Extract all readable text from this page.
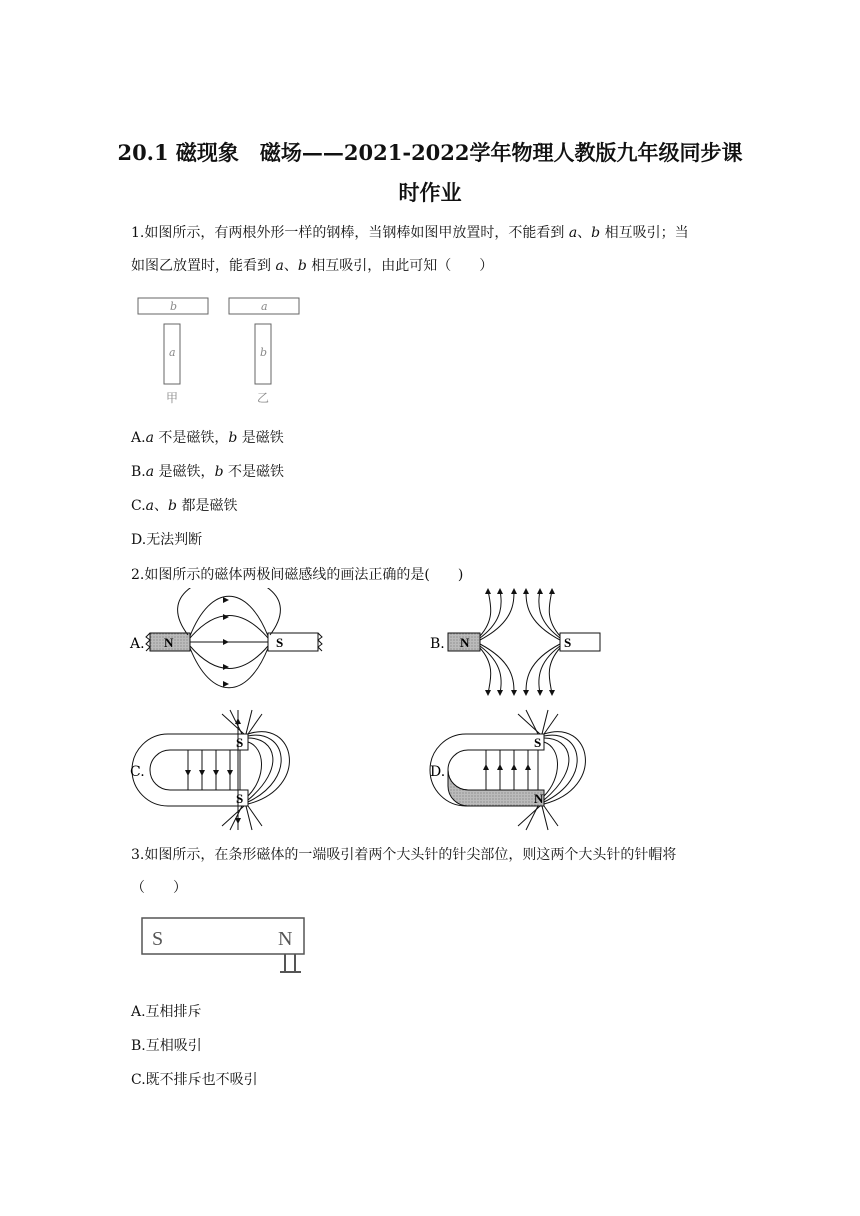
20.1 磁现象　磁场——2021-2022学年物理人教版九年级同步课
时作业
1.如图所示，有两根外形一样的钢棒，当钢棒如图甲放置时，不能看到 a、b 相互吸引；当
如图乙放置时，能看到 a、b 相互吸引，由此可知（　　）
b
a
a
b
甲	乙
A.a 不是磁铁，b 是磁铁
B.a 是磁铁，b 不是磁铁
C.a、b 都是磁铁
D.无法判断
2.如图所示的磁体两极间磁感线的画法正确的是(　　)
A. N	S	B. N	S
C.
S
S
D.
S
N
3.如图所示，在条形磁体的一端吸引着两个大头针的针尖部位，则这两个大头针的针帽将
（　　）
S	N
A.互相排斥
B.互相吸引
C.既不排斥也不吸引
